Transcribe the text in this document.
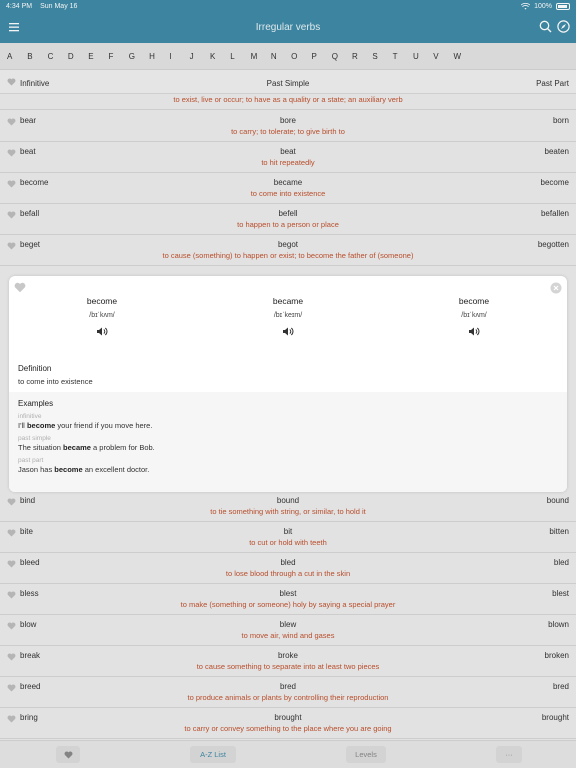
4:34 PM Sun May 16	100%
Irregular verbs
A	B	C	D	E	F	G	H	I	J	K	L	M	N	O	P	Q	R	S	T	U	V	W
Infinitive	Past Simple	Past Part
to exist, live or occur; to have as a quality or a state; an auxiliary verb
bear	bore	born
to carry; to tolerate; to give birth to
beat	beat	beaten
to hit repeatedly
become	became	become
to come into existence
befall	befell	befallen
to happen to a person or place
beget	begot	begotten
to cause (something) to happen or exist; to become the father of (someone)
bind	bound	bound
to tie something with string, or similar, to hold it
bite	bit	bitten
to cut or hold with teeth
bleed	bled	bled
to lose blood through a cut in the skin
bless	blest	blest
to make (something or someone) holy by saying a special prayer
blow	blew	blown
to move air, wind and gases
break	broke	broken
to cause something to separate into at least two pieces
breed	bred	bred
to produce animals or plants by controlling their reproduction
bring	brought	brought
to carry or convey something to the place where you are going
A-Z List	Levels	···
become
/bɪˈkʌm/
became
/bɪˈkeɪm/
become
/bɪˈkʌm/
Definition
to come into existence
Examples
infinitive
I'll become your friend if you move here.
past simple
The situation became a problem for Bob.
past part
Jason has become an excellent doctor.
